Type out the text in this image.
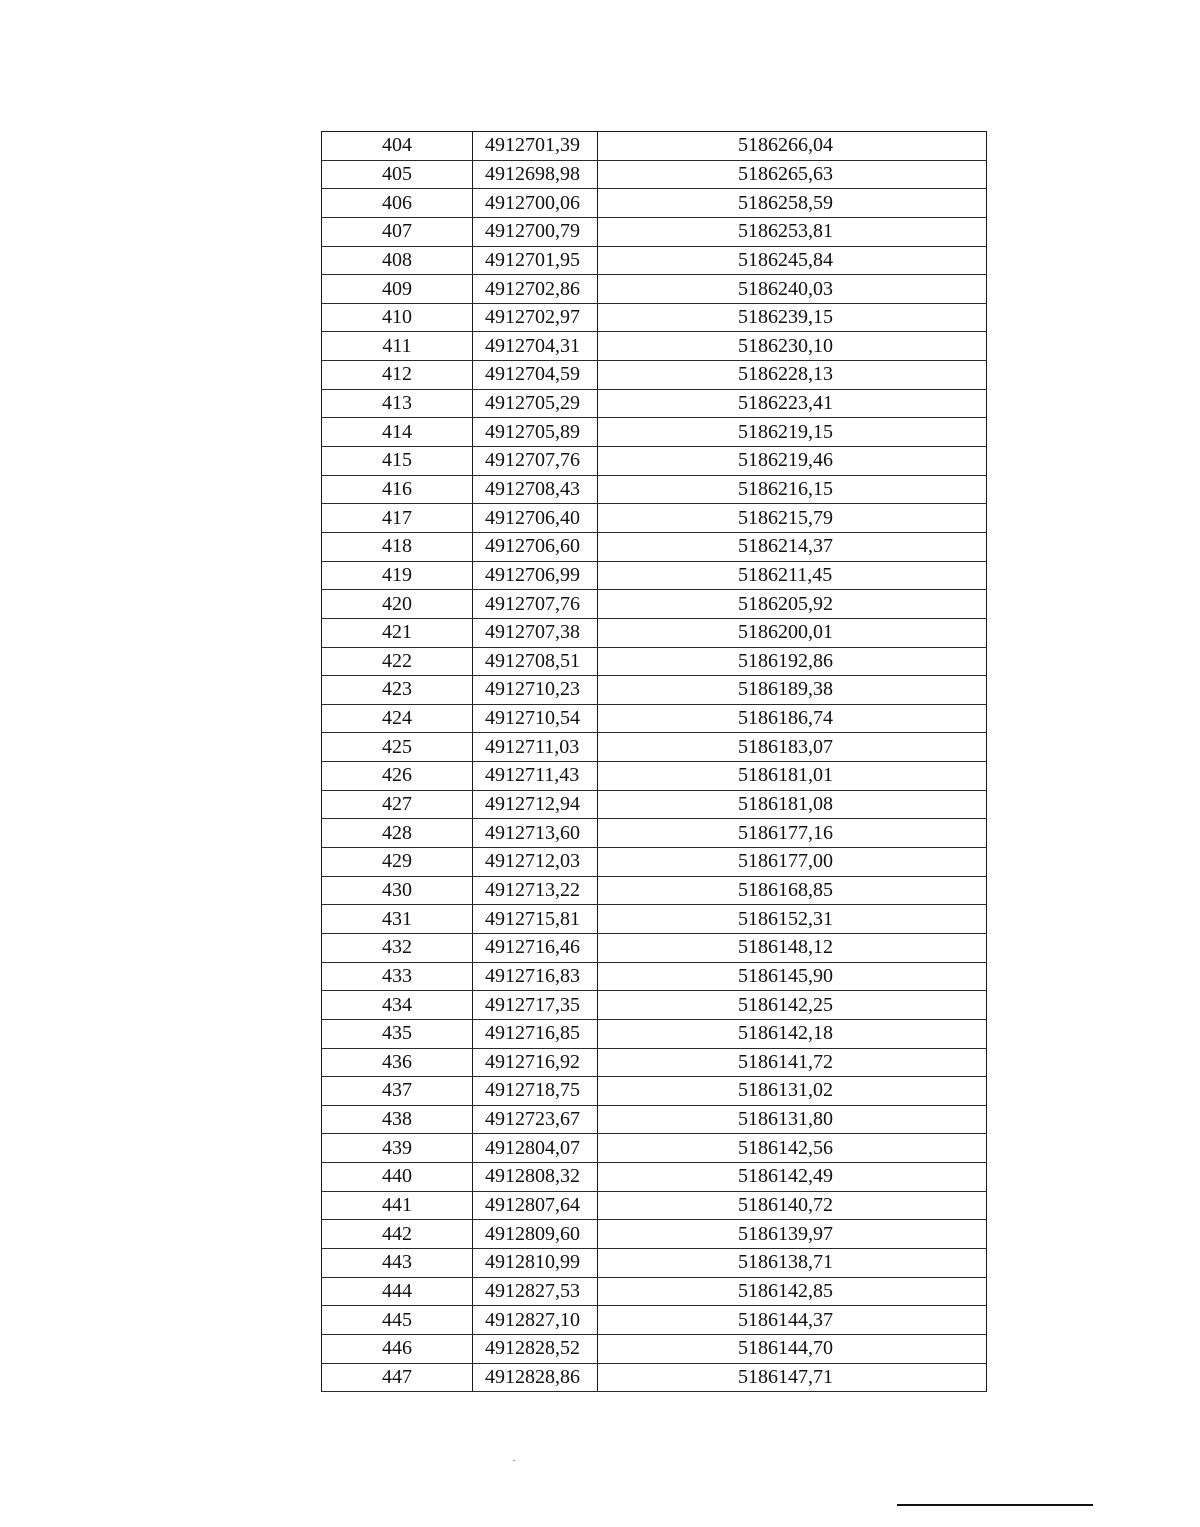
404	4912701,39	5186266,04
405	4912698,98	5186265,63
406	4912700,06	5186258,59
407	4912700,79	5186253,81
408	4912701,95	5186245,84
409	4912702,86	5186240,03
410	4912702,97	5186239,15
411	4912704,31	5186230,10
412	4912704,59	5186228,13
413	4912705,29	5186223,41
414	4912705,89	5186219,15
415	4912707,76	5186219,46
416	4912708,43	5186216,15
417	4912706,40	5186215,79
418	4912706,60	5186214,37
419	4912706,99	5186211,45
420	4912707,76	5186205,92
421	4912707,38	5186200,01
422	4912708,51	5186192,86
423	4912710,23	5186189,38
424	4912710,54	5186186,74
425	4912711,03	5186183,07
426	4912711,43	5186181,01
427	4912712,94	5186181,08
428	4912713,60	5186177,16
429	4912712,03	5186177,00
430	4912713,22	5186168,85
431	4912715,81	5186152,31
432	4912716,46	5186148,12
433	4912716,83	5186145,90
434	4912717,35	5186142,25
435	4912716,85	5186142,18
436	4912716,92	5186141,72
437	4912718,75	5186131,02
438	4912723,67	5186131,80
439	4912804,07	5186142,56
440	4912808,32	5186142,49
441	4912807,64	5186140,72
442	4912809,60	5186139,97
443	4912810,99	5186138,71
444	4912827,53	5186142,85
445	4912827,10	5186144,37
446	4912828,52	5186144,70
447	4912828,86	5186147,71
